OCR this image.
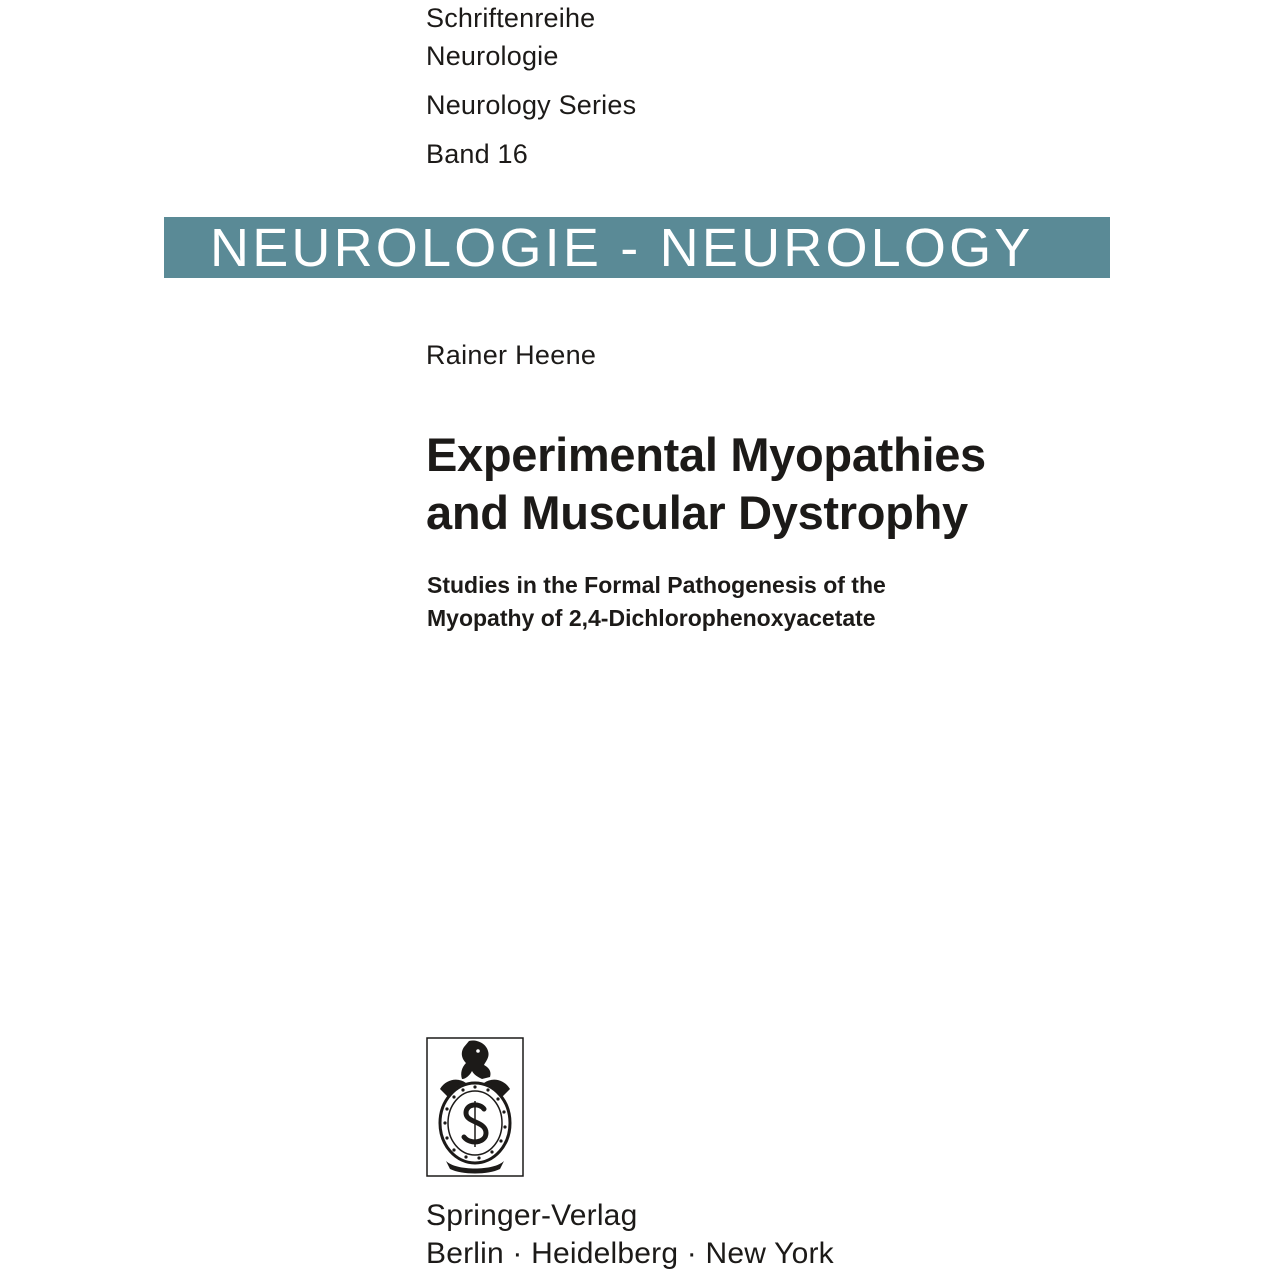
Schriftenreihe
Neurologie
Neurology Series
Band 16
NEUROLOGIE - NEUROLOGY
Rainer Heene
Experimental Myopathies
and Muscular Dystrophy
Studies in the Formal Pathogenesis of the
Myopathy of 2,4-Dichlorophenoxyacetate
Springer-Verlag
Berlin · Heidelberg · New York
